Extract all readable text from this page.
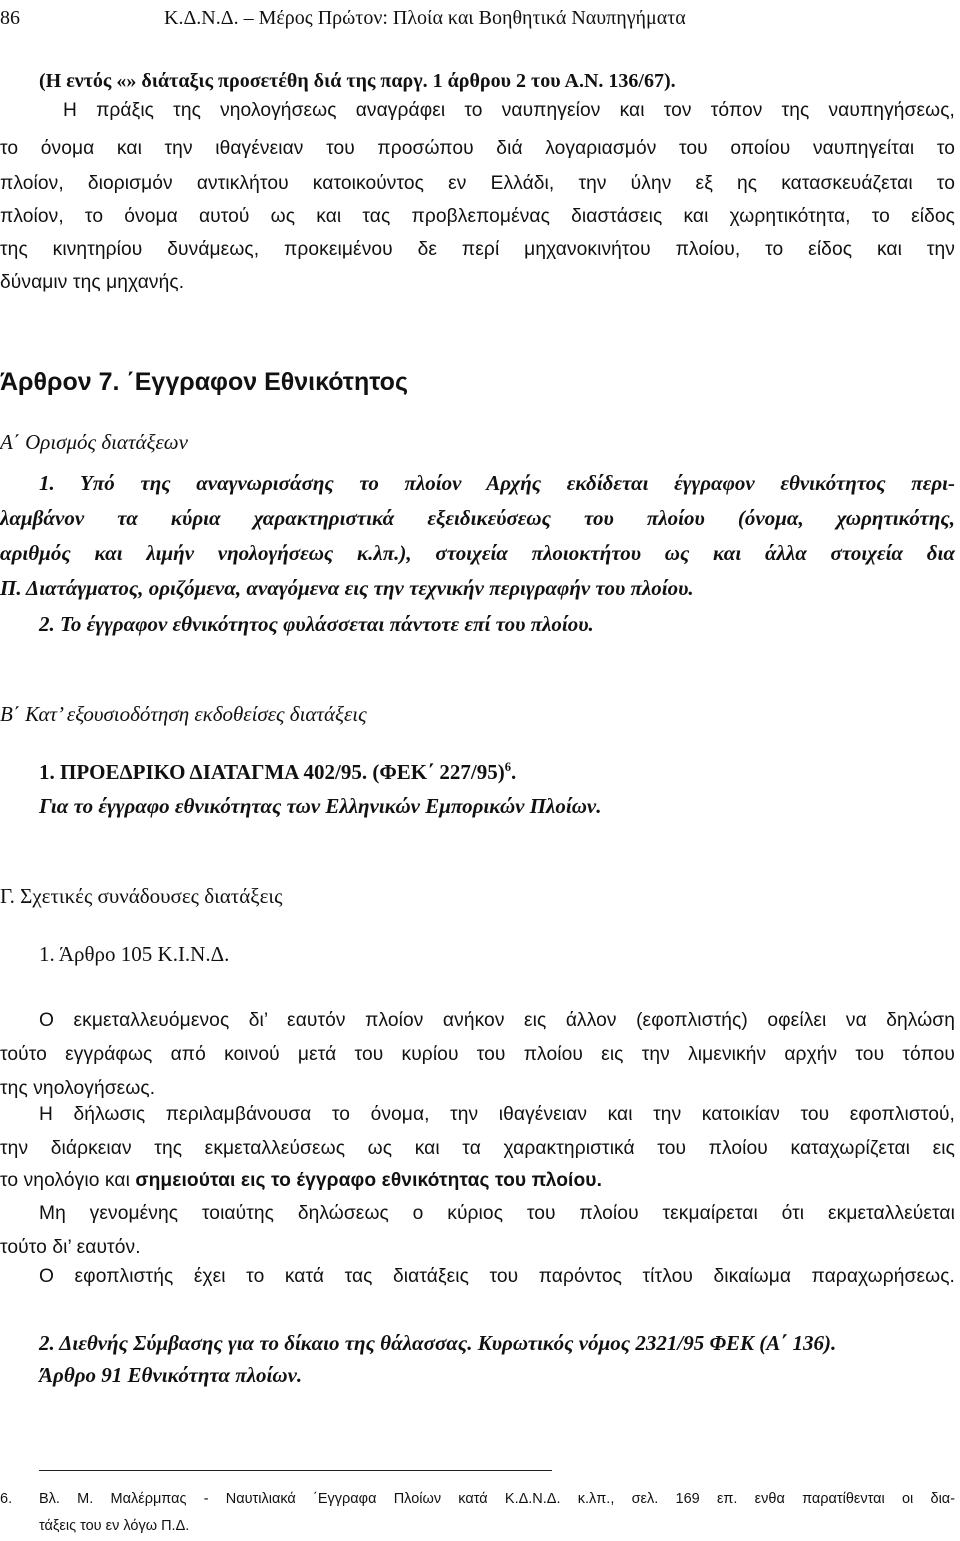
86	Κ.Δ.Ν.Δ. – Μέρος Πρώτον: Πλοία και Βοηθητικά Ναυπηγήματα
(Η εντός «» διάταξις προσετέθη διά της παργ. 1 άρθρου 2 του Α.Ν. 136/67).
Η πράξις της νηολογήσεως αναγράφει το ναυπηγείον και τον τόπον της ναυπηγήσεως,
το όνομα και την ιθαγένειαν του προσώπου διά λογαριασμόν του οποίου ναυπηγείται το
πλοίον, διορισμόν αντικλήτου κατοικούντος εν Ελλάδι, την ύλην εξ ης κατασκευάζεται το
πλοίον, το όνομα αυτού ως και τας προβλεπομένας διαστάσεις και χωρητικότητα, το είδος
της κινητηρίου δυνάμεως, προκειμένου δε περί μηχανοκινήτου πλοίου, το είδος και την
δύναμιν της μηχανής.
Άρθρον 7. ΄Εγγραφον Εθνικότητος
Α΄ Ορισμός διατάξεων
1. Υπό της αναγνωρισάσης το πλοίον Αρχής εκδίδεται έγγραφον εθνικότητος περι-
λαμβάνον τα κύρια χαρακτηριστικά εξειδικεύσεως του πλοίου (όνομα, χωρητικότης,
αριθμός και λιμήν νηολογήσεως κ.λπ.), στοιχεία πλοιοκτήτου ως και άλλα στοιχεία δια
Π. Διατάγματος, οριζόμενα, αναγόμενα εις την τεχνικήν περιγραφήν του πλοίου.
2. Το έγγραφον εθνικότητος φυλάσσεται πάντοτε επί του πλοίου.
Β΄ Κατ’ εξουσιοδότηση εκδοθείσες διατάξεις
1. ΠΡΟΕΔΡΙΚΟ ΔΙΑΤΑΓΜΑ 402/95. (ΦΕΚ΄ 227/95)$^6$.
Για το έγγραφο εθνικότητας των Ελληνικών Εμπορικών Πλοίων.
Γ. Σχετικές συνάδουσες διατάξεις
1. Άρθρο 105 Κ.Ι.Ν.Δ.
Ο εκμεταλλευόμενος δι’ εαυτόν πλοίον ανήκον εις άλλον (εφοπλιστής) οφείλει να δηλώση
τούτο εγγράφως από κοινού μετά του κυρίου του πλοίου εις την λιμενικήν αρχήν του τόπου
της νηολογήσεως.
Η δήλωσις περιλαμβάνουσα το όνομα, την ιθαγένειαν και την κατοικίαν του εφοπλιστού,
την διάρκειαν της εκμεταλλεύσεως ως και τα χαρακτηριστικά του πλοίου καταχωρίζεται εις
το νηολόγιο και σημειούται εις το έγγραφο εθνικότητας του πλοίου.
Μη γενομένης τοιαύτης δηλώσεως ο κύριος του πλοίου τεκμαίρεται ότι εκμεταλλεύεται
τούτο δι’ εαυτόν.
Ο εφοπλιστής έχει το κατά τας διατάξεις του παρόντος τίτλου δικαίωμα παραχωρήσεως.
2. Διεθνής Σύμβασης για το δίκαιο της θάλασσας. Κυρωτικός νόμος 2321/95 ΦΕΚ (Α΄ 136).
Άρθρο 91 Εθνικότητα πλοίων.
6. Βλ. Μ. Μαλέρμπας - Ναυτιλιακά ΄Εγγραφα Πλοίων κατά Κ.Δ.Ν.Δ. κ.λπ., σελ. 169 επ. ενθα παρατίθενται οι δια-
τάξεις του εν λόγω Π.Δ.
